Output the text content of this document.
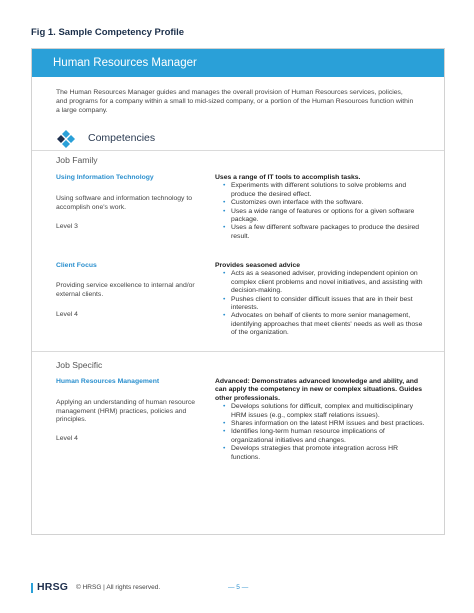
Fig 1. Sample Competency Profile
Human Resources Manager
The Human Resources Manager guides and manages the overall provision of Human Resources services, policies, and programs for a company within a small to mid-sized company, or a portion of the Human Resources function within a large company.
Competencies
Job Family
Using Information Technology
Using software and information technology to accomplish one's work.
Level 3
Uses a range of IT tools to accomplish tasks.
• Experiments with different solutions to solve problems and produce the desired effect.
• Customizes own interface with the software.
• Uses a wide range of features or options for a given software package.
• Uses a few different software packages to produce the desired result.
Client Focus
Providing service excellence to internal and/or external clients.
Level 4
Provides seasoned advice
• Acts as a seasoned adviser, providing independent opinion on complex client problems and novel initiatives, and assisting with decision-making.
• Pushes client to consider difficult issues that are in their best interests.
• Advocates on behalf of clients to more senior management, identifying approaches that meet clients' needs as well as those of the organization.
Job Specific
Human Resources Management
Applying an understanding of human resource management (HRM) practices, policies and principles.
Level 4
Advanced: Demonstrates advanced knowledge and ability, and can apply the competency in new or complex situations. Guides other professionals.
• Develops solutions for difficult, complex and multidisciplinary HRM issues (e.g., complex staff relations issues).
• Shares information on the latest HRM issues and best practices.
• Identifies long-term human resource implications of organizational initiatives and changes.
• Develops strategies that promote integration across HR functions.
HRSG © HRSG | All rights reserved.	— 5 —
